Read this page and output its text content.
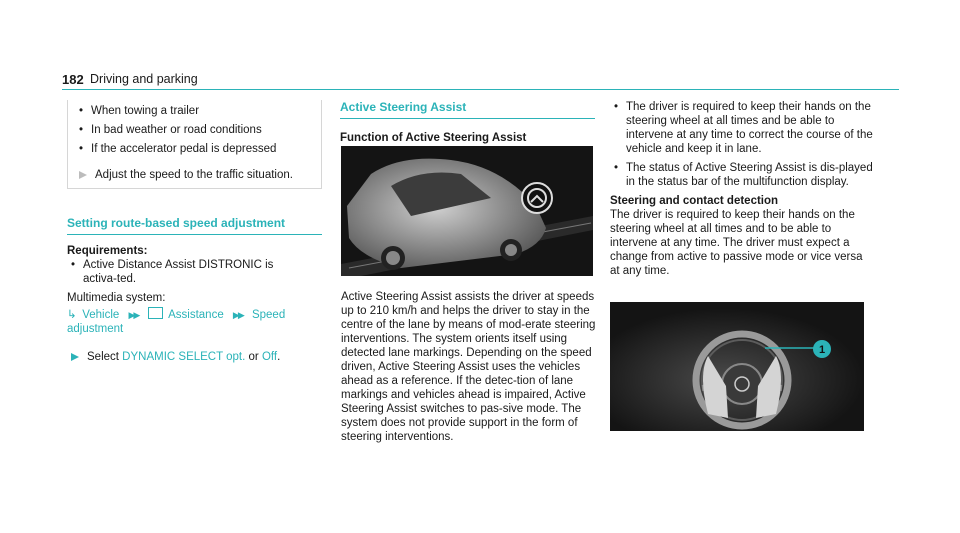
182 Driving and parking
• When towing a trailer
• In bad weather or road conditions
• If the accelerator pedal is depressed
Adjust the speed to the traffic situation.
Setting route-based speed adjustment
Requirements:
• Active Distance Assist DISTRONIC is activa-ted.
Multimedia system:
↳ Vehicle ▶▶	Assistance ▶▶ Speed adjustment
Select DYNAMIC SELECT opt. or Off.
Active Steering Assist
Function of Active Steering Assist

Active Steering Assist assists the driver at speeds up to 210 km/h and helps the driver to stay in the centre of the lane by means of mod-erate steering interventions. The system orients itself using detected lane markings. Depending on the speed driven, Active Steering Assist uses the vehicles ahead as a reference. If the detec-tion of lane markings and vehicles ahead is impaired, Active Steering Assist switches to pas-sive mode. The system does not provide support in the form of steering interventions.

• The driver is required to keep their hands on the steering wheel at all times and be able to intervene at any time to correct the course of the vehicle and keep it in lane.
• The status of Active Steering Assist is dis-played in the status bar of the multifunction display.
Steering and contact detection

The driver is required to keep their hands on the steering wheel at all times and to be able to intervene at any time. The driver must expect a change from active to passive mode or vice versa at any time.

1
